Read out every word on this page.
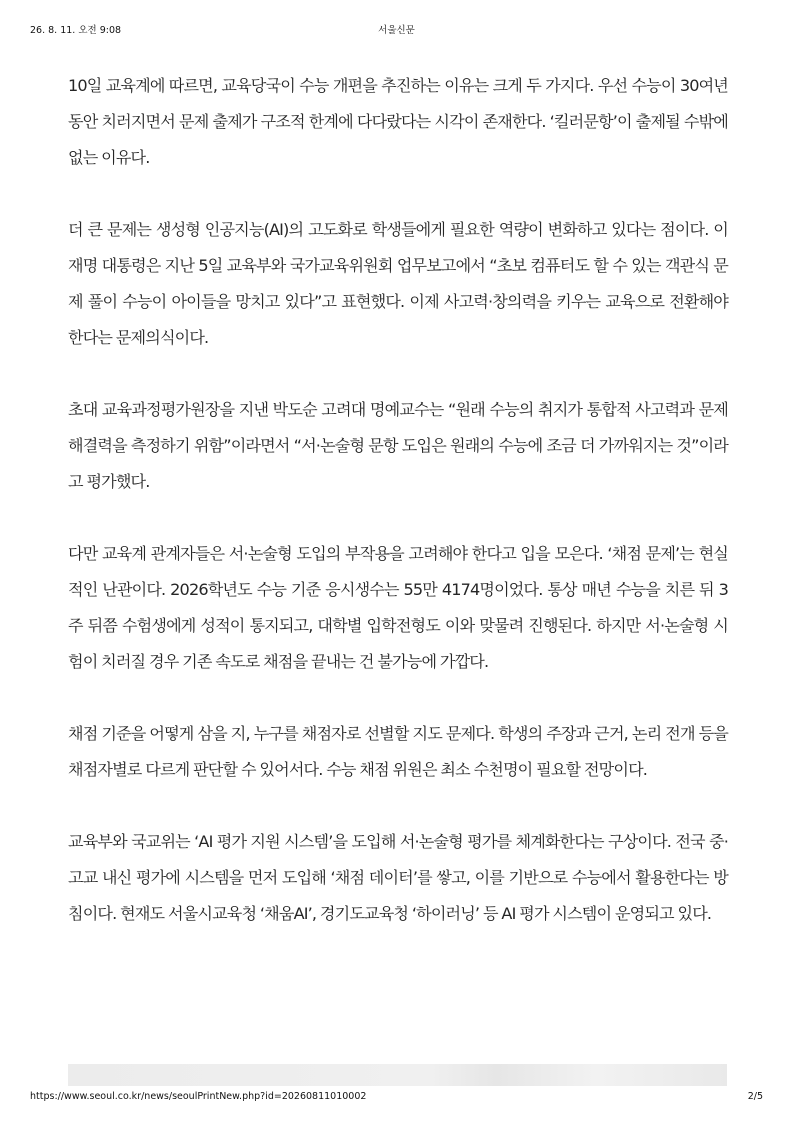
26. 8. 11. 오전 9:08	서울신문

10일 교육계에 따르면, 교육당국이 수능 개편을 추진하는 이유는 크게 두 가지다. 우선 수능이 30여년 동안 치러지면서 문제 출제가 구조적 한계에 다다랐다는 시각이 존재한다. ‘킬러문항’이 출제될 수밖에 없는 이유다.

더 큰 문제는 생성형 인공지능(AI)의 고도화로 학생들에게 필요한 역량이 변화하고 있다는 점이다. 이재명 대통령은 지난 5일 교육부와 국가교육위원회 업무보고에서 “초보 컴퓨터도 할 수 있는 객관식 문제 풀이 수능이 아이들을 망치고 있다”고 표현했다. 이제 사고력·창의력을 키우는 교육으로 전환해야 한다는 문제의식이다.

초대 교육과정평가원장을 지낸 박도순 고려대 명예교수는 “원래 수능의 취지가 통합적 사고력과 문제 해결력을 측정하기 위함”이라면서 “서·논술형 문항 도입은 원래의 수능에 조금 더 가까워지는 것”이라고 평가했다.

다만 교육계 관계자들은 서·논술형 도입의 부작용을 고려해야 한다고 입을 모은다. ‘채점 문제’는 현실적인 난관이다. 2026학년도 수능 기준 응시생수는 55만 4174명이었다. 통상 매년 수능을 치른 뒤 3주 뒤쯤 수험생에게 성적이 통지되고, 대학별 입학전형도 이와 맞물려 진행된다. 하지만 서·논술형 시험이 치러질 경우 기존 속도로 채점을 끝내는 건 불가능에 가깝다.

채점 기준을 어떻게 삼을 지, 누구를 채점자로 선별할 지도 문제다. 학생의 주장과 근거, 논리 전개 등을 채점자별로 다르게 판단할 수 있어서다. 수능 채점 위원은 최소 수천명이 필요할 전망이다.

교육부와 국교위는 ‘AI 평가 지원 시스템’을 도입해 서·논술형 평가를 체계화한다는 구상이다. 전국 중·고교 내신 평가에 시스템을 먼저 도입해 ‘채점 데이터’를 쌓고, 이를 기반으로 수능에서 활용한다는 방침이다. 현재도 서울시교육청 ‘채움AI’, 경기도교육청 ‘하이러닝’ 등 AI 평가 시스템이 운영되고 있다.

https://www.seoul.co.kr/news/seoulPrintNew.php?id=20260811010002	2/5
